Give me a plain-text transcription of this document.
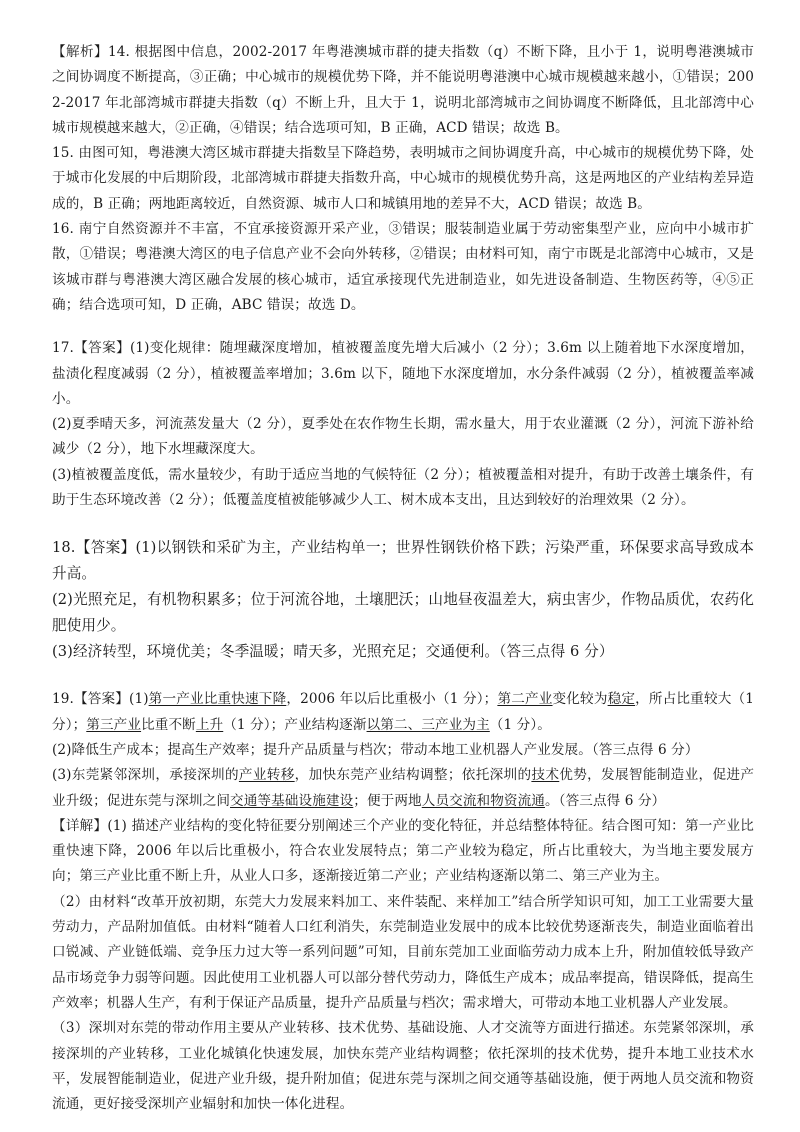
【解析】14. 根据图中信息，2002-2017 年粤港澳城市群的捷夫指数（q）不断下降，且小于 1，说明粤港澳城市之间协调度不断提高，③正确；中心城市的规模优势下降，并不能说明粤港澳中心城市规模越来越小，①错误；2002-2017 年北部湾城市群捷夫指数（q）不断上升，且大于 1，说明北部湾城市之间协调度不断降低，且北部湾中心城市规模越来越大，②正确，④错误；结合选项可知，B 正确，ACD 错误；故选 B。

15. 由图可知，粤港澳大湾区城市群捷夫指数呈下降趋势，表明城市之间协调度升高，中心城市的规模优势下降，处于城市化发展的中后期阶段，北部湾城市群捷夫指数升高，中心城市的规模优势升高，这是两地区的产业结构差异造成的，B 正确；两地距离较近，自然资源、城市人口和城镇用地的差异不大，ACD 错误；故选 B。

16. 南宁自然资源并不丰富，不宜承接资源开采产业，③错误；服装制造业属于劳动密集型产业，应向中小城市扩散，①错误；粤港澳大湾区的电子信息产业不会向外转移，②错误；由材料可知，南宁市既是北部湾中心城市，又是该城市群与粤港澳大湾区融合发展的核心城市，适宜承接现代先进制造业，如先进设备制造、生物医药等，④⑤正确；结合选项可知，D 正确，ABC 错误；故选 D。

17.【答案】(1)变化规律：随埋藏深度增加，植被覆盖度先增大后减小（2 分）；3.6m 以上随着地下水深度增加，盐渍化程度减弱（2 分），植被覆盖率增加；3.6m 以下，随地下水深度增加，水分条件减弱（2 分），植被覆盖率减小。

(2)夏季晴天多，河流蒸发量大（2 分），夏季处在农作物生长期，需水量大，用于农业灌溉（2 分），河流下游补给减少（2 分），地下水埋藏深度大。

(3)植被覆盖度低，需水量较少，有助于适应当地的气候特征（2 分）；植被覆盖相对提升，有助于改善土壤条件，有助于生态环境改善（2 分）；低覆盖度植被能够减少人工、树木成本支出，且达到较好的治理效果（2 分）。

18.【答案】(1)以钢铁和采矿为主，产业结构单一；世界性钢铁价格下跌；污染严重，环保要求高导致成本升高。

(2)光照充足，有机物积累多；位于河流谷地，土壤肥沃；山地昼夜温差大，病虫害少，作物品质优，农药化肥使用少。

(3)经济转型，环境优美；冬季温暖；晴天多，光照充足；交通便利。（答三点得 6 分）

19.【答案】(1)第一产业比重快速下降，2006 年以后比重极小（1 分）；第二产业变化较为稳定，所占比重较大（1 分）；第三产业比重不断上升（1 分）；产业结构逐渐以第二、三产业为主（1 分）。

(2)降低生产成本；提高生产效率；提升产品质量与档次；带动本地工业机器人产业发展。（答三点得 6 分）

(3)东莞紧邻深圳，承接深圳的产业转移，加快东莞产业结构调整；依托深圳的技术优势，发展智能制造业，促进产业升级；促进东莞与深圳之间交通等基础设施建设；便于两地人员交流和物资流通。（答三点得 6 分）

【详解】(1) 描述产业结构的变化特征要分别阐述三个产业的变化特征，并总结整体特征。结合图可知：第一产业比重快速下降，2006 年以后比重极小，符合农业发展特点；第二产业较为稳定，所占比重较大，为当地主要发展方向；第三产业比重不断上升，从业人口多，逐渐接近第二产业；产业结构逐渐以第二、第三产业为主。

（2）由材料“改革开放初期，东莞大力发展来料加工、来件装配、来样加工”结合所学知识可知，加工工业需要大量劳动力，产品附加值低。由材料“随着人口红利消失，东莞制造业发展中的成本比较优势逐渐丧失，制造业面临着出口锐减、产业链低端、竞争压力过大等一系列问题”可知，目前东莞加工业面临劳动力成本上升，附加值较低导致产品市场竞争力弱等问题。因此使用工业机器人可以部分替代劳动力，降低生产成本；成品率提高，错误降低，提高生产效率；机器人生产，有利于保证产品质量，提升产品质量与档次；需求增大，可带动本地工业机器人产业发展。

（3）深圳对东莞的带动作用主要从产业转移、技术优势、基础设施、人才交流等方面进行描述。东莞紧邻深圳，承接深圳的产业转移，工业化城镇化快速发展，加快东莞产业结构调整；依托深圳的技术优势，提升本地工业技术水平，发展智能制造业，促进产业升级，提升附加值；促进东莞与深圳之间交通等基础设施，便于两地人员交流和物资流通，更好接受深圳产业辐射和加快一体化进程。
